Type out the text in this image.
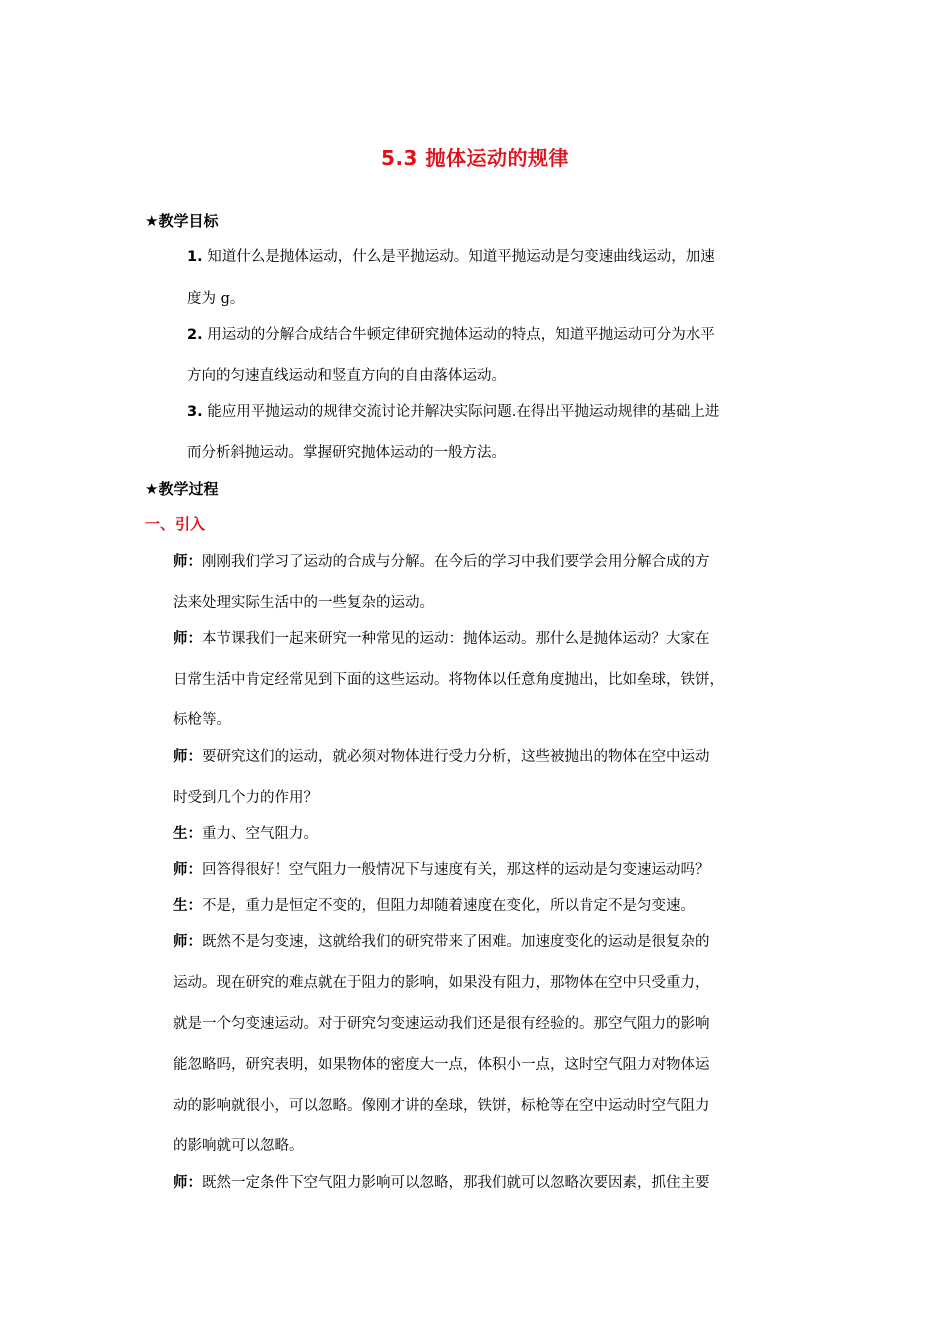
5.3 抛体运动的规律
★教学目标
1. 知道什么是抛体运动，什么是平抛运动。知道平抛运动是匀变速曲线运动，加速
度为 g。
2. 用运动的分解合成结合牛顿定律研究抛体运动的特点，知道平抛运动可分为水平
方向的匀速直线运动和竖直方向的自由落体运动。
3. 能应用平抛运动的规律交流讨论并解决实际问题.在得出平抛运动规律的基础上进
而分析斜抛运动。掌握研究抛体运动的一般方法。
★教学过程
一、引入
师：刚刚我们学习了运动的合成与分解。在今后的学习中我们要学会用分解合成的方
法来处理实际生活中的一些复杂的运动。
师：本节课我们一起来研究一种常见的运动：抛体运动。那什么是抛体运动？大家在
日常生活中肯定经常见到下面的这些运动。将物体以任意角度抛出，比如垒球，铁饼，
标枪等。
师：要研究这们的运动，就必须对物体进行受力分析，这些被抛出的物体在空中运动
时受到几个力的作用？
生：重力、空气阻力。
师：回答得很好！空气阻力一般情况下与速度有关，那这样的运动是匀变速运动吗？
生：不是，重力是恒定不变的，但阻力却随着速度在变化，所以肯定不是匀变速。
师：既然不是匀变速，这就给我们的研究带来了困难。加速度变化的运动是很复杂的
运动。现在研究的难点就在于阻力的影响，如果没有阻力，那物体在空中只受重力，
就是一个匀变速运动。对于研究匀变速运动我们还是很有经验的。那空气阻力的影响
能忽略吗，研究表明，如果物体的密度大一点，体积小一点，这时空气阻力对物体运
动的影响就很小，可以忽略。像刚才讲的垒球，铁饼，标枪等在空中运动时空气阻力
的影响就可以忽略。
师：既然一定条件下空气阻力影响可以忽略，那我们就可以忽略次要因素，抓住主要
